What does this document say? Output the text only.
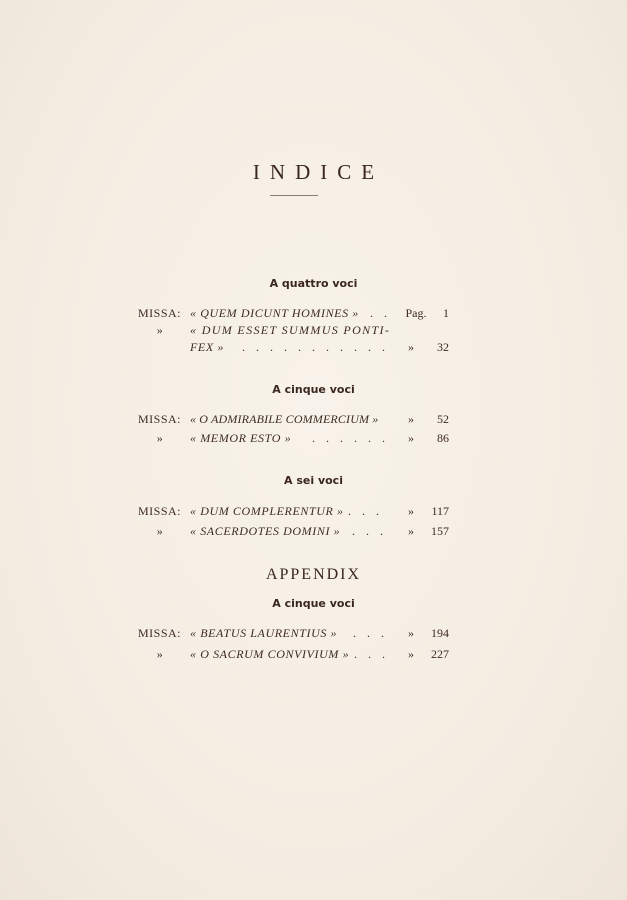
INDICE
A quattro voci
MISSA: « QUEM DICUNT HOMINES » . .	Pag.	1
»	« DUM ESSET SUMMUS PONTI-
FEX » . . . . . . . . . . .	»	32
A cinque voci
MISSA: « O ADMIRABILE COMMERCIUM »	»	52
»	« MEMOR ESTO » . . . . . .	»	86
A sei voci
MISSA: « DUM COMPLERENTUR » . . .	»	117
»	« SACERDOTES DOMINI » . . .	»	157
APPENDIX
A cinque voci
MISSA: « BEATUS LAURENTIUS » . . .	»	194
»	« O SACRUM CONVIVIUM » . . .	»	227
